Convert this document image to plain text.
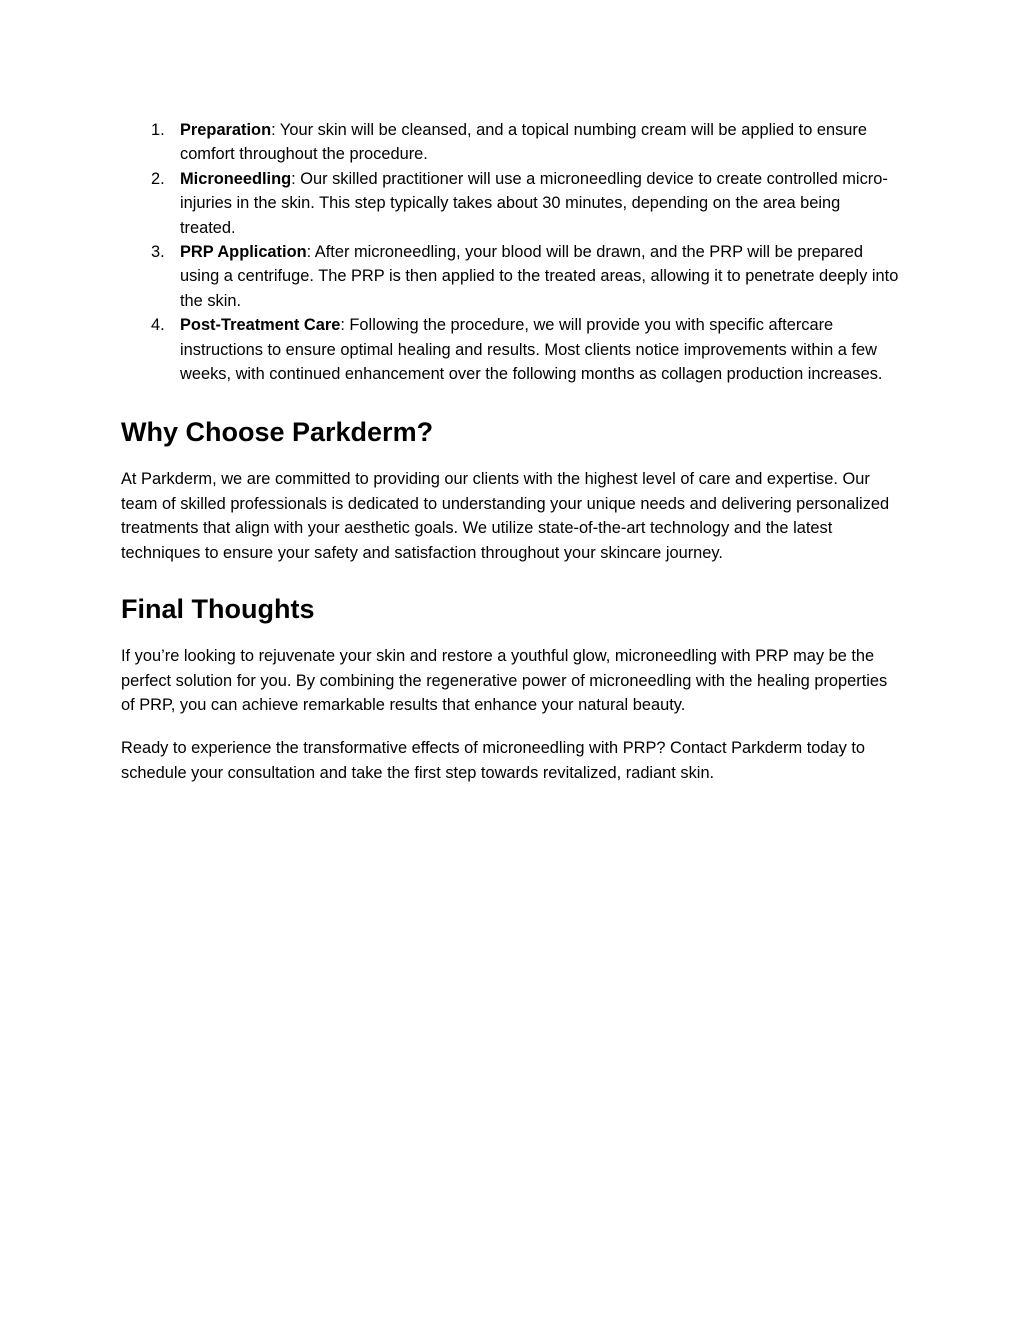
1. Preparation: Your skin will be cleansed, and a topical numbing cream will be applied to ensure comfort throughout the procedure.
2. Microneedling: Our skilled practitioner will use a microneedling device to create controlled micro-injuries in the skin. This step typically takes about 30 minutes, depending on the area being treated.
3. PRP Application: After microneedling, your blood will be drawn, and the PRP will be prepared using a centrifuge. The PRP is then applied to the treated areas, allowing it to penetrate deeply into the skin.
4. Post-Treatment Care: Following the procedure, we will provide you with specific aftercare instructions to ensure optimal healing and results. Most clients notice improvements within a few weeks, with continued enhancement over the following months as collagen production increases.
Why Choose Parkderm?

At Parkderm, we are committed to providing our clients with the highest level of care and expertise. Our team of skilled professionals is dedicated to understanding your unique needs and delivering personalized treatments that align with your aesthetic goals. We utilize state-of-the-art technology and the latest techniques to ensure your safety and satisfaction throughout your skincare journey.

Final Thoughts

If you’re looking to rejuvenate your skin and restore a youthful glow, microneedling with PRP may be the perfect solution for you. By combining the regenerative power of microneedling with the healing properties of PRP, you can achieve remarkable results that enhance your natural beauty.

Ready to experience the transformative effects of microneedling with PRP? Contact Parkderm today to schedule your consultation and take the first step towards revitalized, radiant skin.
